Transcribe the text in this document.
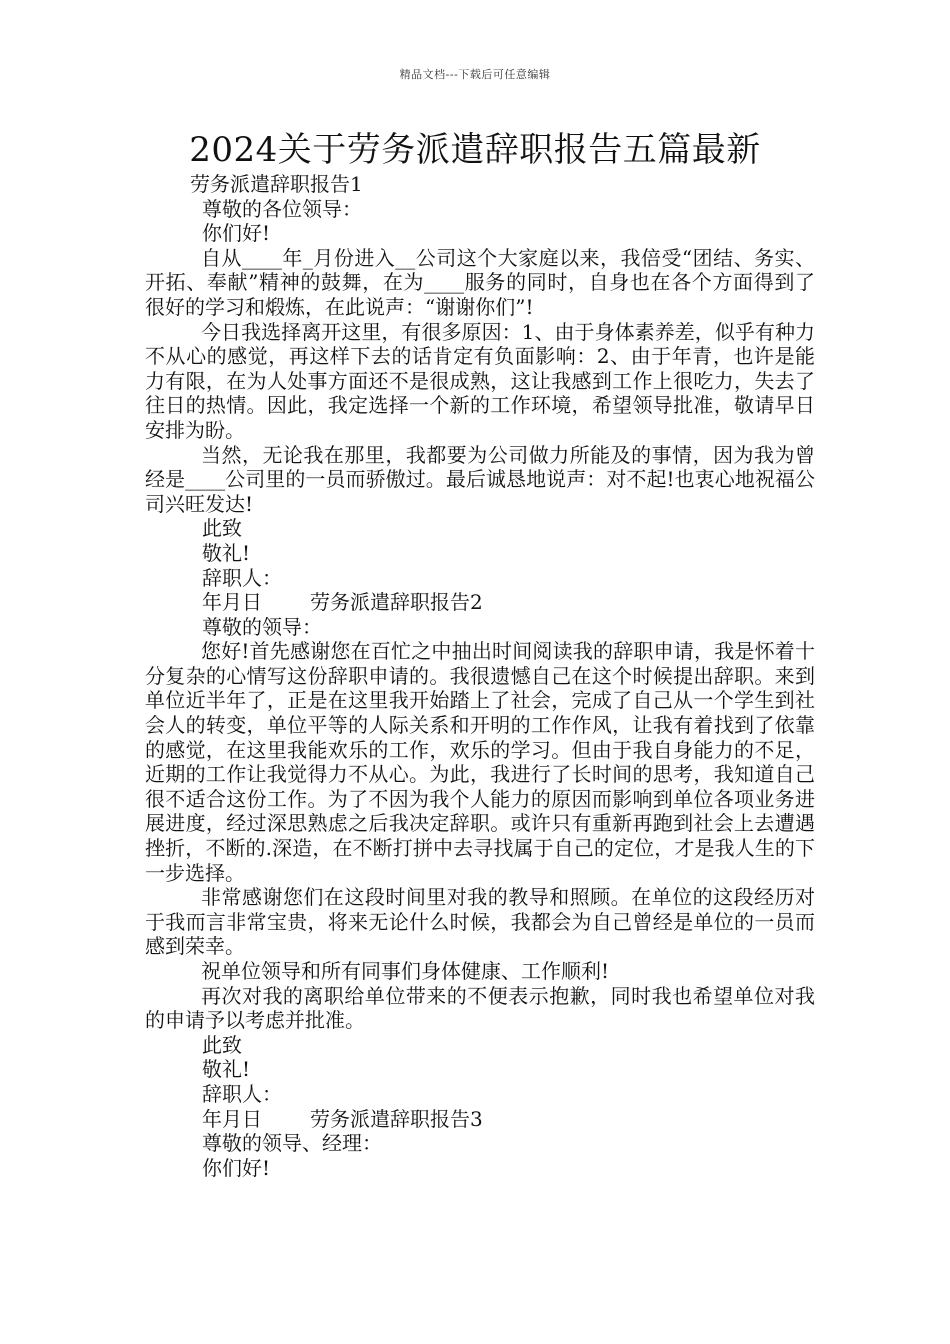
精品文档---下载后可任意编辑
2024关于劳务派遣辞职报告五篇最新

劳务派遣辞职报告1

尊敬的各位领导：

你们好!

自从____年_月份进入__公司这个大家庭以来，我倍受“团结、务实、开拓、奉献”精神的鼓舞，在为____服务的同时，自身也在各个方面得到了很好的学习和煅炼，在此说声：“谢谢你们”!

今日我选择离开这里，有很多原因：1、由于身体素养差，似乎有种力不从心的感觉，再这样下去的话肯定有负面影响：2、由于年青，也许是能力有限，在为人处事方面还不是很成熟，这让我感到工作上很吃力，失去了往日的热情。因此，我定选择一个新的工作环境，希望领导批准，敬请早日安排为盼。

当然，无论我在那里，我都要为公司做力所能及的事情，因为我为曾经是____公司里的一员而骄傲过。最后诚恳地说声：对不起!也衷心地祝福公司兴旺发达!

此致

敬礼!

辞职人：

年月日 劳务派遣辞职报告2

尊敬的领导：

您好!首先感谢您在百忙之中抽出时间阅读我的辞职申请，我是怀着十分复杂的心情写这份辞职申请的。我很遗憾自己在这个时候提出辞职。来到单位近半年了，正是在这里我开始踏上了社会，完成了自己从一个学生到社会人的转变，单位平等的人际关系和开明的工作作风，让我有着找到了依靠的感觉，在这里我能欢乐的工作，欢乐的学习。但由于我自身能力的不足，近期的工作让我觉得力不从心。为此，我进行了长时间的思考，我知道自己很不适合这份工作。为了不因为我个人能力的原因而影响到单位各项业务进展进度，经过深思熟虑之后我决定辞职。或许只有重新再跑到社会上去遭遇挫折，不断的.深造，在不断打拼中去寻找属于自己的定位，才是我人生的下一步选择。

非常感谢您们在这段时间里对我的教导和照顾。在单位的这段经历对于我而言非常宝贵，将来无论什么时候，我都会为自己曾经是单位的一员而感到荣幸。

祝单位领导和所有同事们身体健康、工作顺利!

再次对我的离职给单位带来的不便表示抱歉，同时我也希望单位对我的申请予以考虑并批准。

此致

敬礼!

辞职人：

年月日 劳务派遣辞职报告3

尊敬的领导、经理：

你们好!
